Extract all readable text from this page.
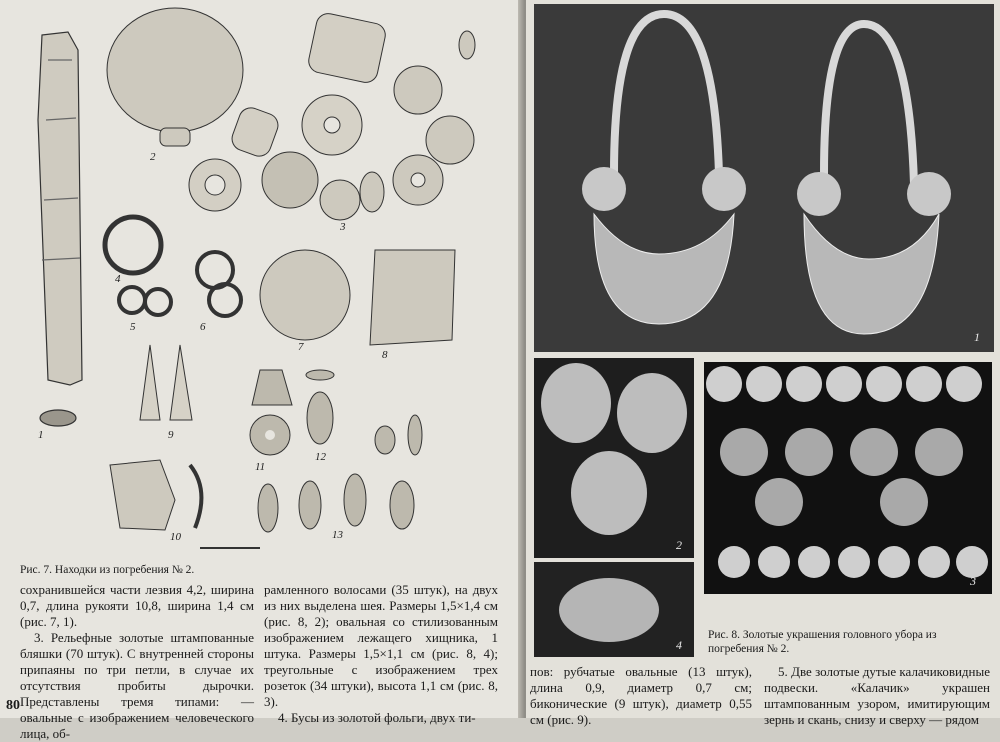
1
2
3
4
5	6
7
8
9
10
11
12
13
Рис. 7. Находки из погребения № 2.

сохранившейся части лезвия 4,2, ширина 0,7, длина рукояти 10,8, ширина 1,4 см (рис. 7, 1).

3. Рельефные золотые штампованные бляшки (70 штук). С внутренней стороны припаяны по три петли, в случае их отсутствия пробиты дырочки. Представлены тремя типами: — овальные с изображением человеческого лица, об-

рамленного волосами (35 штук), на двух из них выделена шея. Размеры 1,5×1,4 см (рис. 8, 2); овальная со стилизованным изображением лежащего хищника, 1 штука. Размеры 1,5×1,1 см (рис. 8, 4); треугольные с изображением трех розеток (34 штуки), высота 1,1 см (рис. 8, 3).

4. Бусы из золотой фольги, двух ти-

80
1
2
3
4
Рис. 8. Золотые украшения головного убора из погребения № 2.
пов: рубчатые овальные (13 штук), длина 0,9, диаметр 0,7 см; биконические (9 штук), диаметр 0,55 см (рис. 9).
5. Две золотые дутые калачиковидные подвески. «Калачик» украшен штампованным узором, имитирующим зернь и скань, снизу и сверху — рядом
